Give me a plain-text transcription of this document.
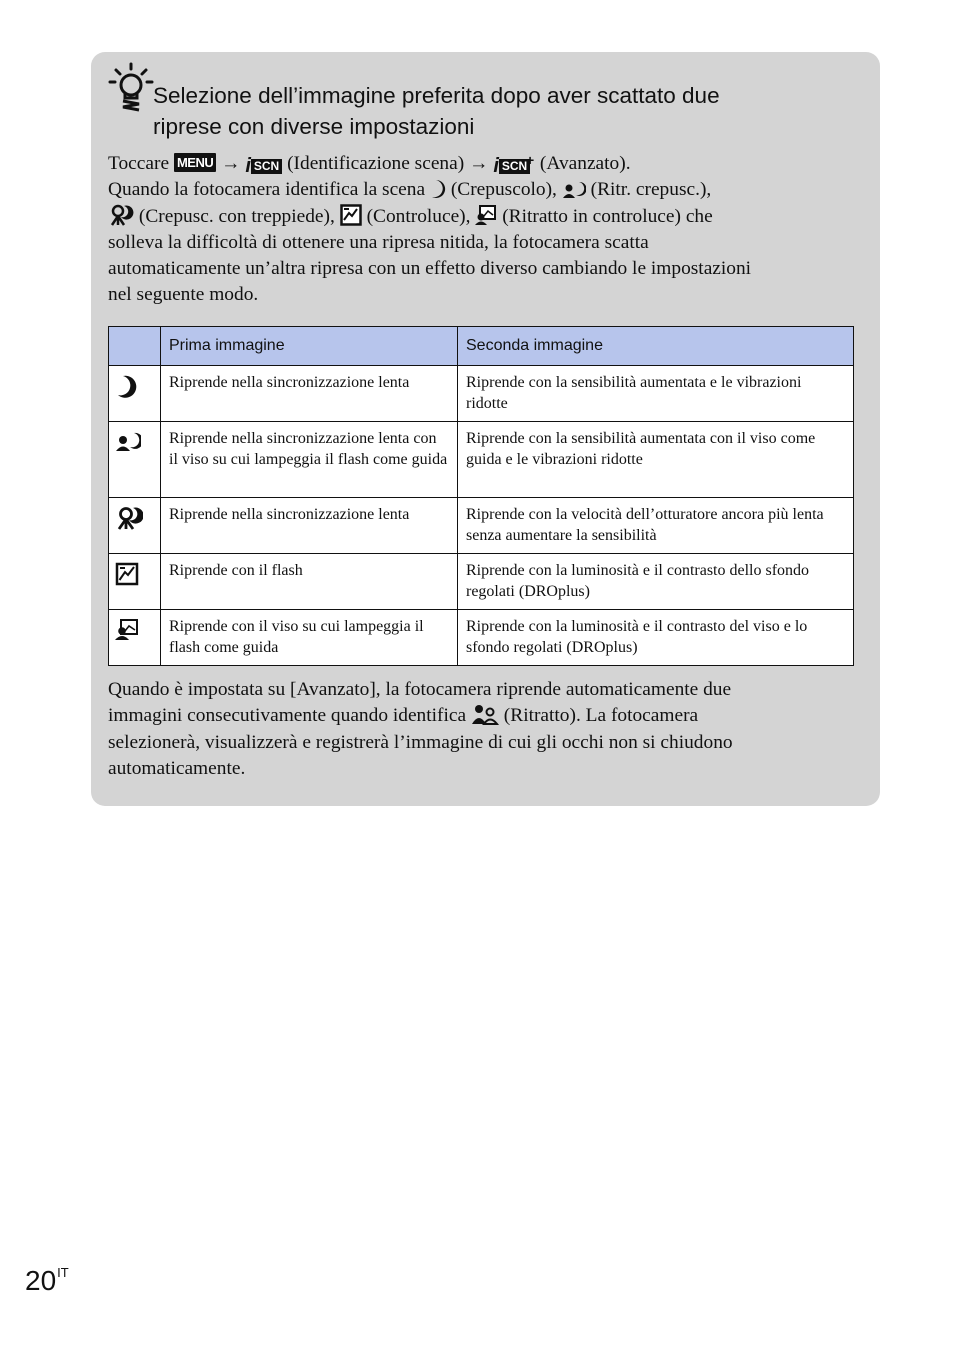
Selezione dell’immagine preferita dopo aver scattato due
riprese con diverse impostazioni
Toccare MENU → i SCN (Identificazione scena) → i SCN
+ (Avanzato).
Quando la fotocamera identifica la scena (Crepuscolo), (Ritr. crepusc.),
(Crepusc. con treppiede), (Controluce), (Ritratto in controluce) che
solleva la difficoltà di ottenere una ripresa nitida, la fotocamera scatta
automaticamente un’altra ripresa con un effetto diverso cambiando le impostazioni
nel seguente modo.
	Prima immagine	Seconda immagine
	Riprende nella sincronizzazione lenta	Riprende con la sensibilità aumentata e le vibrazioni ridotte
	Riprende nella sincronizzazione lenta con il viso su cui lampeggia il flash come guida	Riprende con la sensibilità aumentata con il viso come guida e le vibrazioni ridotte
	Riprende nella sincronizzazione lenta	Riprende con la velocità dell’otturatore ancora più lenta senza aumentare la sensibilità
	Riprende con il flash	Riprende con la luminosità e il contrasto dello sfondo regolati (DROplus)
	Riprende con il viso su cui lampeggia il flash come guida	Riprende con la luminosità e il contrasto del viso e lo sfondo regolati (DROplus)
Quando è impostata su [Avanzato], la fotocamera riprende automaticamente due
immagini consecutivamente quando identifica (Ritratto). La fotocamera
selezionerà, visualizzerà e registrerà l’immagine di cui gli occhi non si chiudono
automaticamente.
$20^{IT}$
